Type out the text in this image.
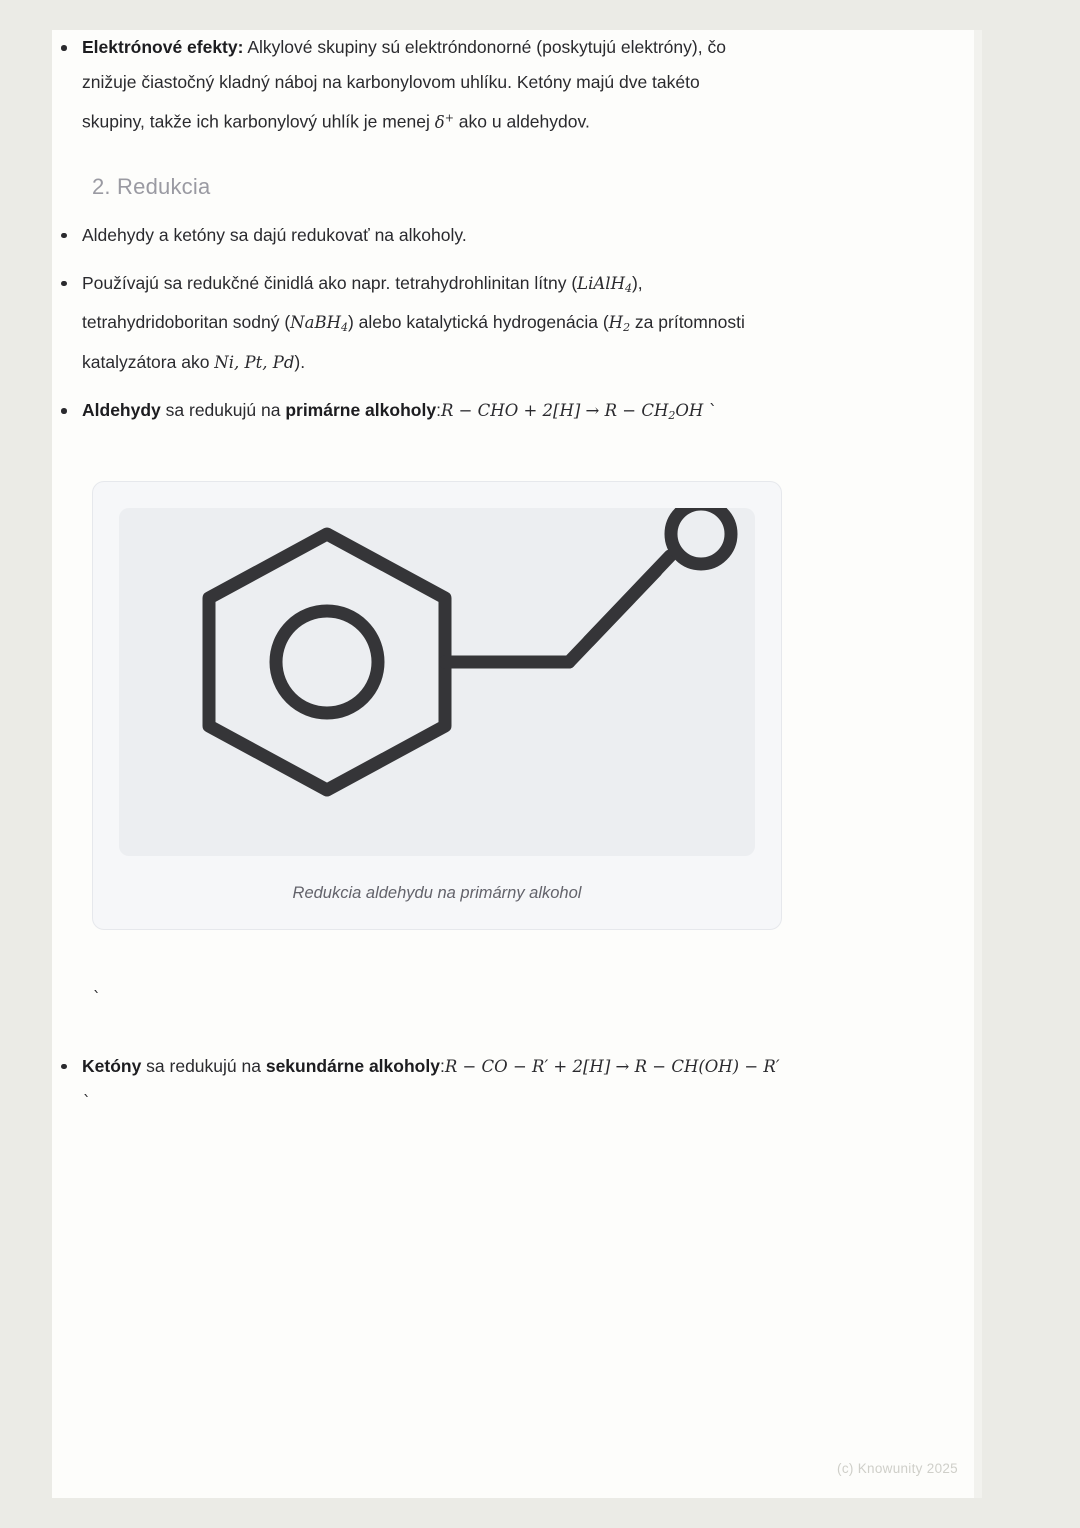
Elektrónové efekty: Alkylové skupiny sú elektróndonorné (poskytujú elektróny), čo znižuje čiastočný kladný náboj na karbonylovom uhlíku. Ketóny majú dve takéto skupiny, takže ich karbonylový uhlík je menej δ+ ako u aldehydov.
2. Redukcia
Aldehydy a ketóny sa dajú redukovať na alkoholy.
Používajú sa redukčné činidlá ako napr. tetrahydrohlinitan lítny (LiAlH$_4$), tetrahydridoboritan sodný (NaBH$_4$) alebo katalytická hydrogenácia ($H_2$ za prítomnosti katalyzátora ako Ni, Pt, Pd).
Aldehydy sa redukujú na primárne alkoholy:R − CHO + $2[H] \to R - CH_2OH$ `
Redukcia aldehydu na primárny alkohol
`
Ketóny sa redukujú na sekundárne alkoholy:R − CO − R′ + 2[H] → R − CH(OH) − R′ `
(c) Knowunity 2025
